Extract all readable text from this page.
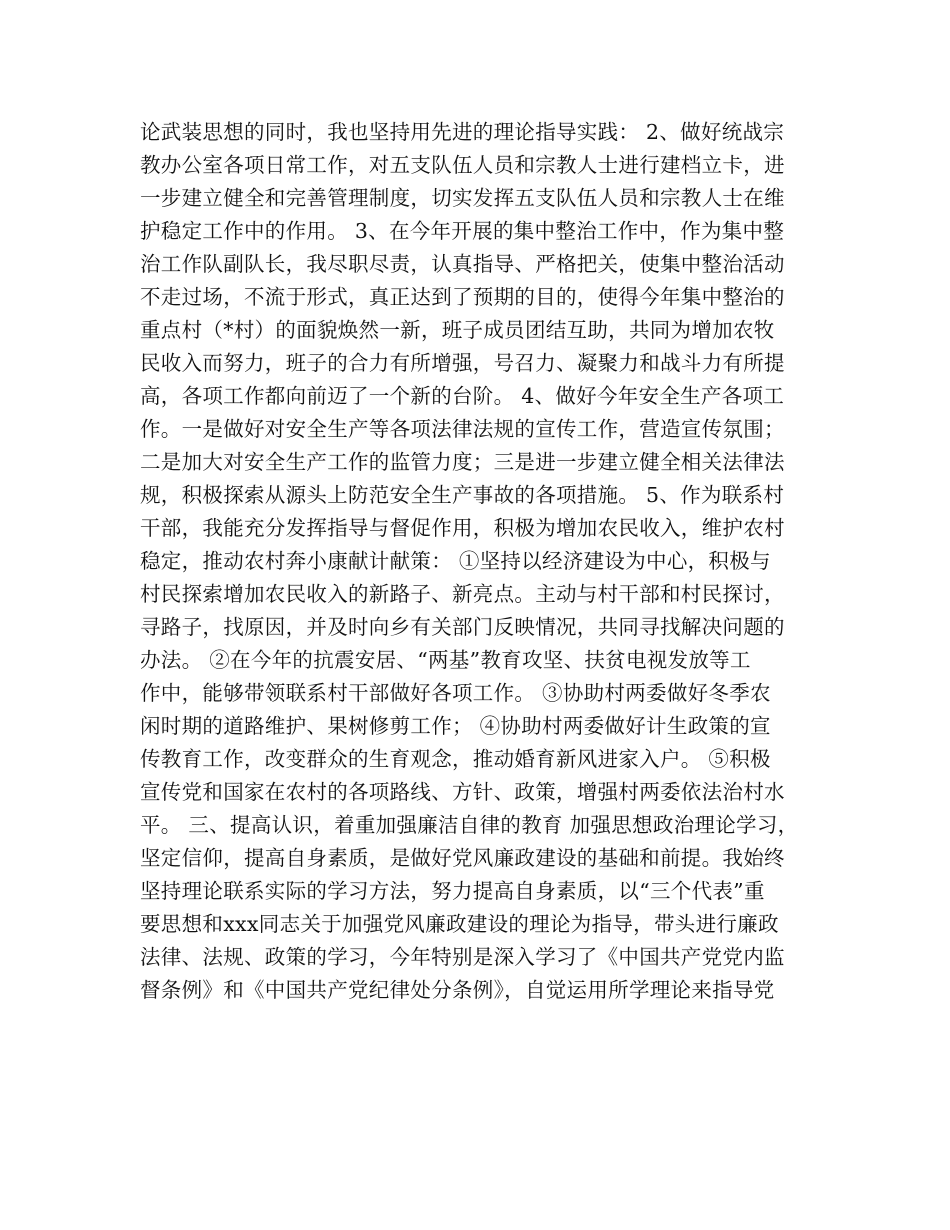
论武装思想的同时，我也坚持用先进的理论指导实践： 2、做好统战宗
教办公室各项日常工作，对五支队伍人员和宗教人士进行建档立卡，进
一步建立健全和完善管理制度，切实发挥五支队伍人员和宗教人士在维
护稳定工作中的作用。 3、在今年开展的集中整治工作中，作为集中整
治工作队副队长，我尽职尽责，认真指导、严格把关，使集中整治活动
不走过场，不流于形式，真正达到了预期的目的，使得今年集中整治的
重点村（*村）的面貌焕然一新，班子成员团结互助，共同为增加农牧
民收入而努力，班子的合力有所增强，号召力、凝聚力和战斗力有所提
高，各项工作都向前迈了一个新的台阶。 4、做好今年安全生产各项工
作。一是做好对安全生产等各项法律法规的宣传工作，营造宣传氛围；
二是加大对安全生产工作的监管力度；三是进一步建立健全相关法律法
规，积极探索从源头上防范安全生产事故的各项措施。 5、作为联系村
干部，我能充分发挥指导与督促作用，积极为增加农民收入，维护农村
稳定，推动农村奔小康献计献策： ①坚持以经济建设为中心，积极与
村民探索增加农民收入的新路子、新亮点。主动与村干部和村民探讨，
寻路子，找原因，并及时向乡有关部门反映情况，共同寻找解决问题的
办法。 ②在今年的抗震安居、“两基”教育攻坚、扶贫电视发放等工
作中，能够带领联系村干部做好各项工作。 ③协助村两委做好冬季农
闲时期的道路维护、果树修剪工作； ④协助村两委做好计生政策的宣
传教育工作，改变群众的生育观念，推动婚育新风进家入户。 ⑤积极
宣传党和国家在农村的各项路线、方针、政策，增强村两委依法治村水
平。 三、提高认识，着重加强廉洁自律的教育 加强思想政治理论学习，
坚定信仰，提高自身素质，是做好党风廉政建设的基础和前提。我始终
坚持理论联系实际的学习方法，努力提高自身素质，以“三个代表”重
要思想和xxx同志关于加强党风廉政建设的理论为指导，带头进行廉政
法律、法规、政策的学习，今年特别是深入学习了《中国共产党党内监
督条例》和《中国共产党纪律处分条例》，自觉运用所学理论来指导党
